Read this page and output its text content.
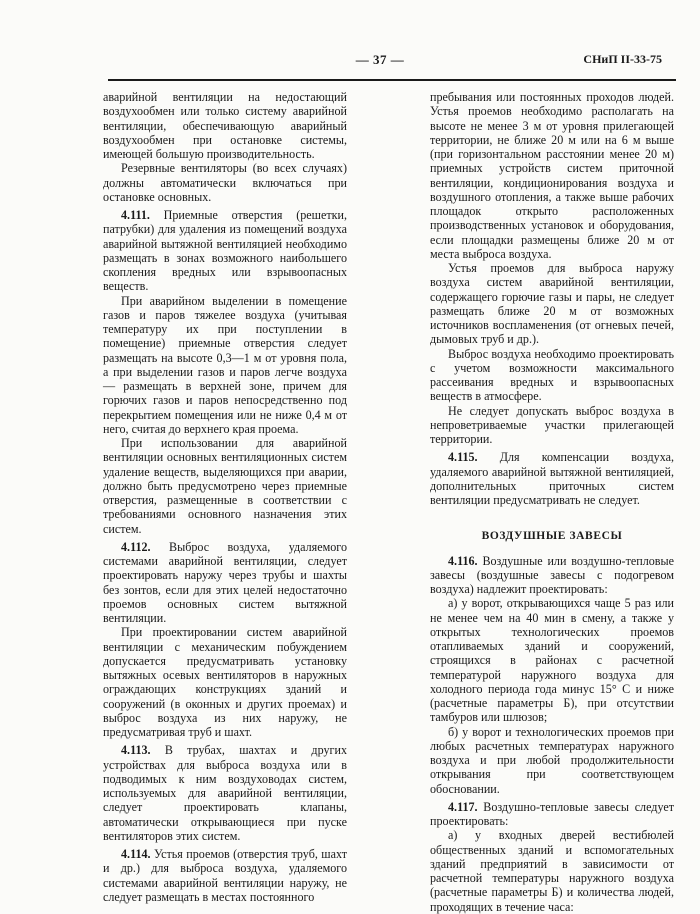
— 37 —	СНиП II-33-75

аварийной вентиляции на недостающий воздухообмен или только систему аварийной вентиляции, обеспечивающую аварийный воздухообмен при остановке системы, имеющей большую производительность.

Резервные вентиляторы (во всех случаях) должны автоматически включаться при остановке основных.

4.111. Приемные отверстия (решетки, патрубки) для удаления из помещений воздуха аварийной вытяжной вентиляцией необходимо размещать в зонах возможного наибольшего скопления вредных или взрывоопасных веществ.

При аварийном выделении в помещение газов и паров тяжелее воздуха (учитывая температуру их при поступлении в помещение) приемные отверстия следует размещать на высоте 0,3—1 м от уровня пола, а при выделении газов и паров легче воздуха — размещать в верхней зоне, причем для горючих газов и паров непосредственно под перекрытием помещения или не ниже 0,4 м от него, считая до верхнего края проема.

При использовании для аварийной вентиляции основных вентиляционных систем удаление веществ, выделяющихся при аварии, должно быть предусмотрено через приемные отверстия, размещенные в соответствии с требованиями основного назначения этих систем.

4.112. Выброс воздуха, удаляемого системами аварийной вентиляции, следует проектировать наружу через трубы и шахты без зонтов, если для этих целей недостаточно проемов основных систем вытяжной вентиляции.

При проектировании систем аварийной вентиляции с механическим побуждением допускается предусматривать установку вытяжных осевых вентиляторов в наружных ограждающих конструкциях зданий и сооружений (в оконных и других проемах) и выброс воздуха из них наружу, не предусматривая труб и шахт.

4.113. В трубах, шахтах и других устройствах для выброса воздуха или в подводимых к ним воздуховодах систем, используемых для аварийной вентиляции, следует проектировать клапаны, автоматически открывающиеся при пуске вентиляторов этих систем.

4.114. Устья проемов (отверстия труб, шахт и др.) для выброса воздуха, удаляемого системами аварийной вентиляции наружу, не следует размещать в местах постоянного

пребывания или постоянных проходов людей. Устья проемов необходимо располагать на высоте не менее 3 м от уровня прилегающей территории, не ближе 20 м или на 6 м выше (при горизонтальном расстоянии менее 20 м) приемных устройств систем приточной вентиляции, кондиционирования воздуха и воздушного отопления, а также выше рабочих площадок открыто расположенных производственных установок и оборудования, если площадки размещены ближе 20 м от места выброса воздуха.

Устья проемов для выброса наружу воздуха систем аварийной вентиляции, содержащего горючие газы и пары, не следует размещать ближе 20 м от возможных источников воспламенения (от огневых печей, дымовых труб и др.).

Выброс воздуха необходимо проектировать с учетом возможности максимального рассеивания вредных и взрывоопасных веществ в атмосфере.

Не следует допускать выброс воздуха в непроветриваемые участки прилегающей территории.

4.115. Для компенсации воздуха, удаляемого аварийной вытяжной вентиляцией, дополнительных приточных систем вентиляции предусматривать не следует.

ВОЗДУШНЫЕ ЗАВЕСЫ

4.116. Воздушные или воздушно-тепловые завесы (воздушные завесы с подогревом воздуха) надлежит проектировать:

а) у ворот, открывающихся чаще 5 раз или не менее чем на 40 мин в смену, а также у открытых технологических проемов отапливаемых зданий и сооружений, строящихся в районах с расчетной температурой наружного воздуха для холодного периода года минус 15° С и ниже (расчетные параметры Б), при отсутствии тамбуров или шлюзов;

б) у ворот и технологических проемов при любых расчетных температурах наружного воздуха и при любой продолжительности открывания при соответствующем обосновании.

4.117. Воздушно-тепловые завесы следует проектировать:

а) у входных дверей вестибюлей общественных зданий и вспомогательных зданий предприятий в зависимости от расчетной температуры наружного воздуха (расчетные параметры Б) и количества людей, проходящих в течение часа:
